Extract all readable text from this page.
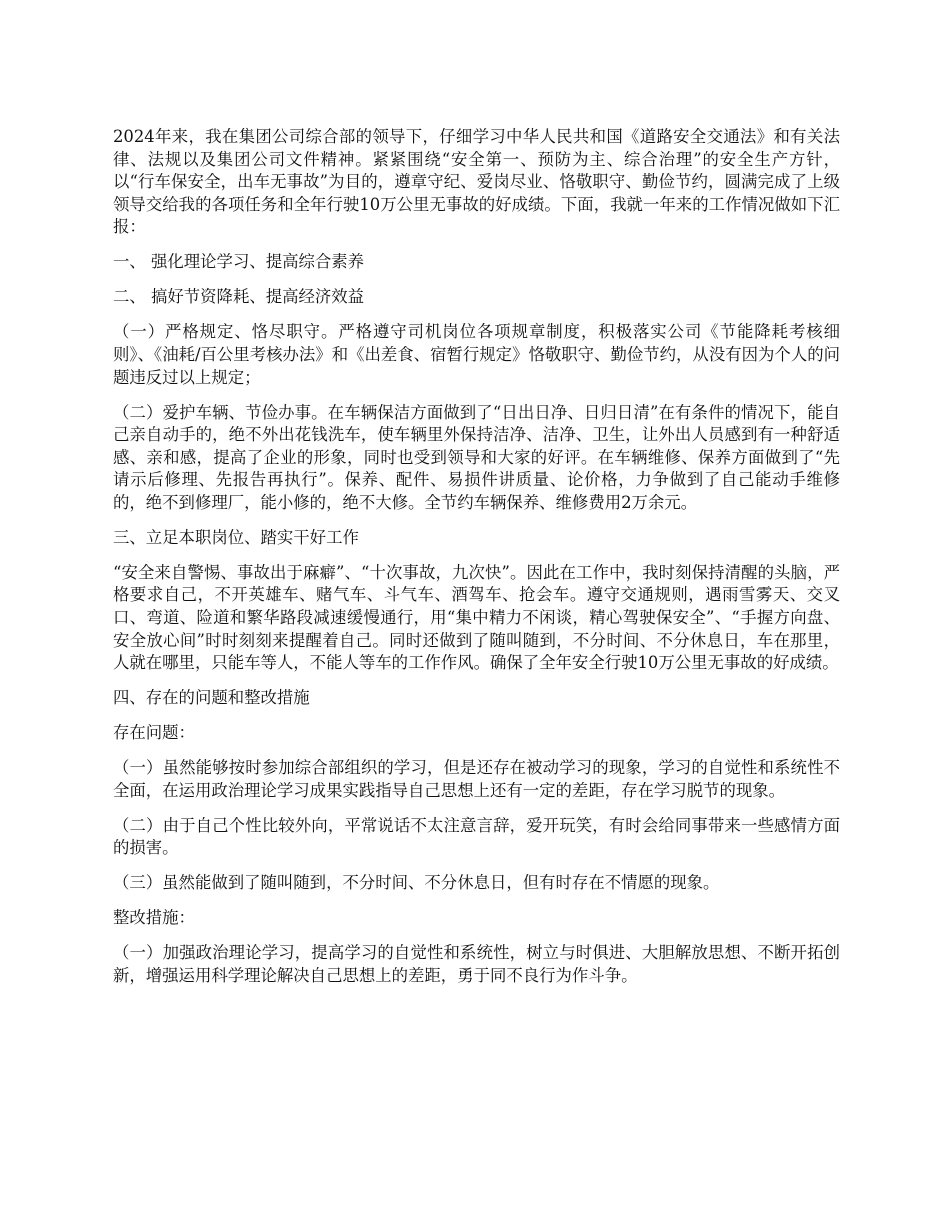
2024年来，我在集团公司综合部的领导下，仔细学习中华人民共和国《道路安全交通法》和有关法律、法规以及集团公司文件精神。紧紧围绕“安全第一、预防为主、综合治理”的安全生产方针，以“行车保安全，出车无事故”为目的，遵章守纪、爱岗尽业、恪敬职守、勤俭节约，圆满完成了上级领导交给我的各项任务和全年行驶10万公里无事故的好成绩。下面，我就一年来的工作情况做如下汇报：

一、 强化理论学习、提高综合素养

二、 搞好节资降耗、提高经济效益

（一）严格规定、恪尽职守。严格遵守司机岗位各项规章制度，积极落实公司《节能降耗考核细则》、《油耗/百公里考核办法》和《出差食、宿暂行规定》恪敬职守、勤俭节约，从没有因为个人的问题违反过以上规定；

（二）爱护车辆、节俭办事。在车辆保洁方面做到了“日出日净、日归日清”在有条件的情况下，能自己亲自动手的，绝不外出花钱洗车，使车辆里外保持洁净、洁净、卫生，让外出人员感到有一种舒适感、亲和感，提高了企业的形象，同时也受到领导和大家的好评。在车辆维修、保养方面做到了“先请示后修理、先报告再执行”。保养、配件、易损件讲质量、论价格，力争做到了自己能动手维修的，绝不到修理厂，能小修的，绝不大修。全节约车辆保养、维修费用2万余元。

三、立足本职岗位、踏实干好工作

“安全来自警惕、事故出于麻癖”、“十次事故，九次快”。因此在工作中，我时刻保持清醒的头脑，严格要求自己，不开英雄车、赌气车、斗气车、酒驾车、抢会车。遵守交通规则，遇雨雪雾天、交叉口、弯道、险道和繁华路段减速缓慢通行，用“集中精力不闲谈，精心驾驶保安全”、“手握方向盘、安全放心间”时时刻刻来提醒着自己。同时还做到了随叫随到，不分时间、不分休息日，车在那里，人就在哪里，只能车等人，不能人等车的工作作风。确保了全年安全行驶10万公里无事故的好成绩。

四、存在的问题和整改措施

存在问题：

（一）虽然能够按时参加综合部组织的学习，但是还存在被动学习的现象，学习的自觉性和系统性不全面，在运用政治理论学习成果实践指导自己思想上还有一定的差距，存在学习脱节的现象。

（二）由于自己个性比较外向，平常说话不太注意言辞，爱开玩笑，有时会给同事带来一些感情方面的损害。

（三）虽然能做到了随叫随到，不分时间、不分休息日，但有时存在不情愿的现象。

整改措施：

（一）加强政治理论学习，提高学习的自觉性和系统性，树立与时俱进、大胆解放思想、不断开拓创新，增强运用科学理论解决自己思想上的差距，勇于同不良行为作斗争。
